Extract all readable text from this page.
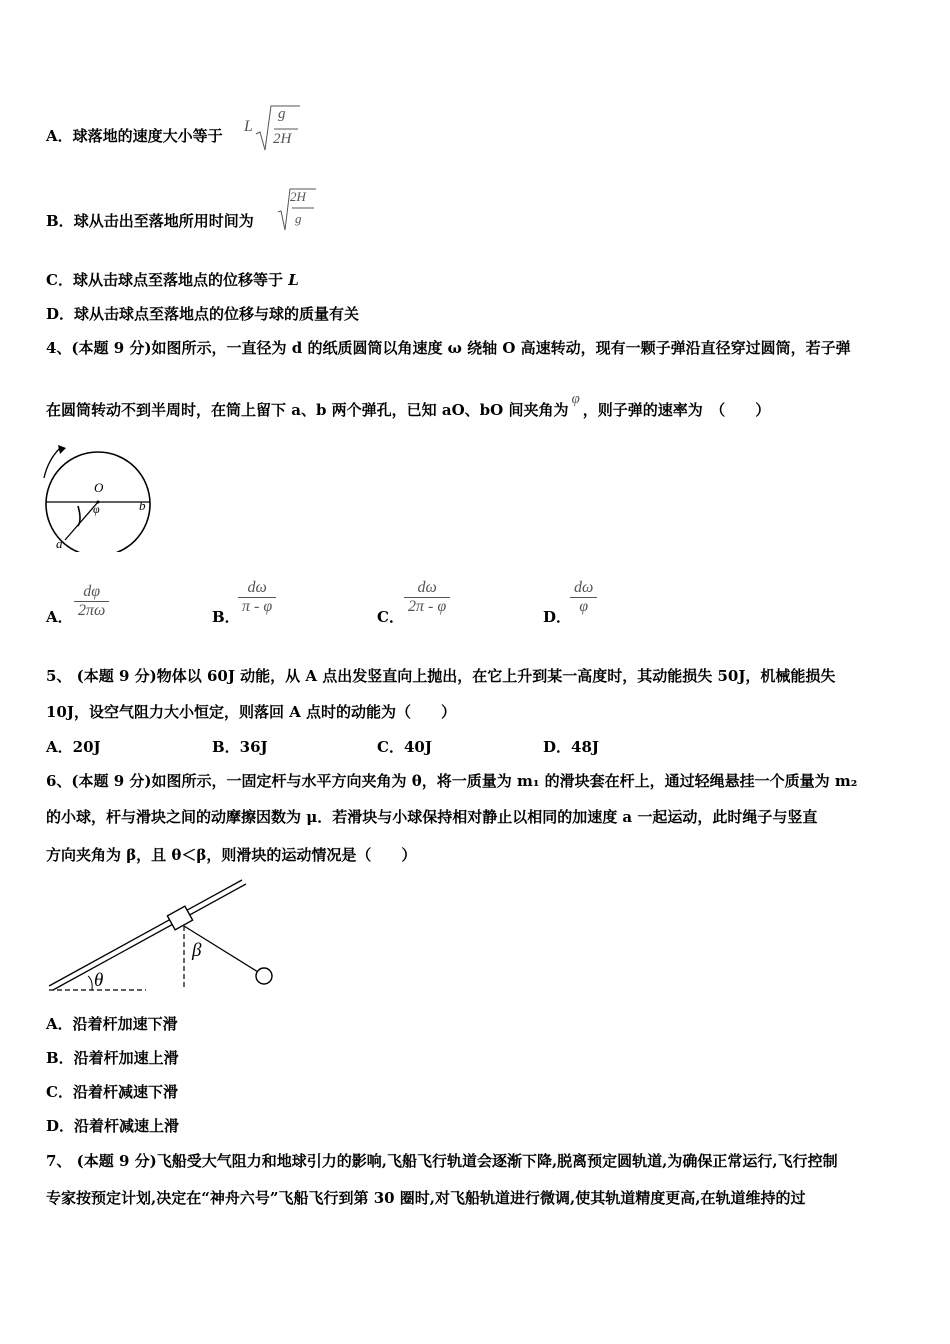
A．球落地的速度大小等于
L
g
2H
B．球从击出至落地所用时间为
2H
g
C．球从击球点至落地点的位移等于 L
D．球从击球点至落地点的位移与球的质量有关
4、(本题 9 分)如图所示，一直径为 d 的纸质圆筒以角速度 ω 绕轴 O 高速转动，现有一颗子弹沿直径穿过圆筒，若子弹
在圆筒转动不到半周时，在筒上留下 a、b 两个弹孔，已知 aO、bO 间夹角为φ，则子弹的速率为　（　　）
O
φ	b
a
A． $\frac{d\varphi}{2\pi\omega}$	B．
$\frac{d\omega}{\pi - \varphi}$
C．
$\frac{d\omega}{2\pi - \varphi}$
D．
$\frac{d\omega}{\varphi}$
5、 (本题 9 分)物体以 60J 动能，从 A 点出发竖直向上抛出，在它上升到某一高度时，其动能损失 50J，机械能损失
10J，设空气阻力大小恒定，则落回 A 点时的动能为（　　）
A．20J	B．36J	C．40J	D．48J
6、(本题 9 分)如图所示，一固定杆与水平方向夹角为 θ，将一质量为 m₁ 的滑块套在杆上，通过轻绳悬挂一个质量为 m₂
的小球，杆与滑块之间的动摩擦因数为 μ．若滑块与小球保持相对静止以相同的加速度 a 一起运动，此时绳子与竖直
方向夹角为 β，且 θ＜β，则滑块的运动情况是（　　）
θ
β
A．沿着杆加速下滑
B．沿着杆加速上滑
C．沿着杆减速下滑
D．沿着杆减速上滑
7、 (本题 9 分)飞船受大气阻力和地球引力的影响,飞船飞行轨道会逐渐下降,脱离预定圆轨道,为确保正常运行,飞行控制
专家按预定计划,决定在“神舟六号”飞船飞行到第 30 圈时,对飞船轨道进行微调,使其轨道精度更高,在轨道维持的过
